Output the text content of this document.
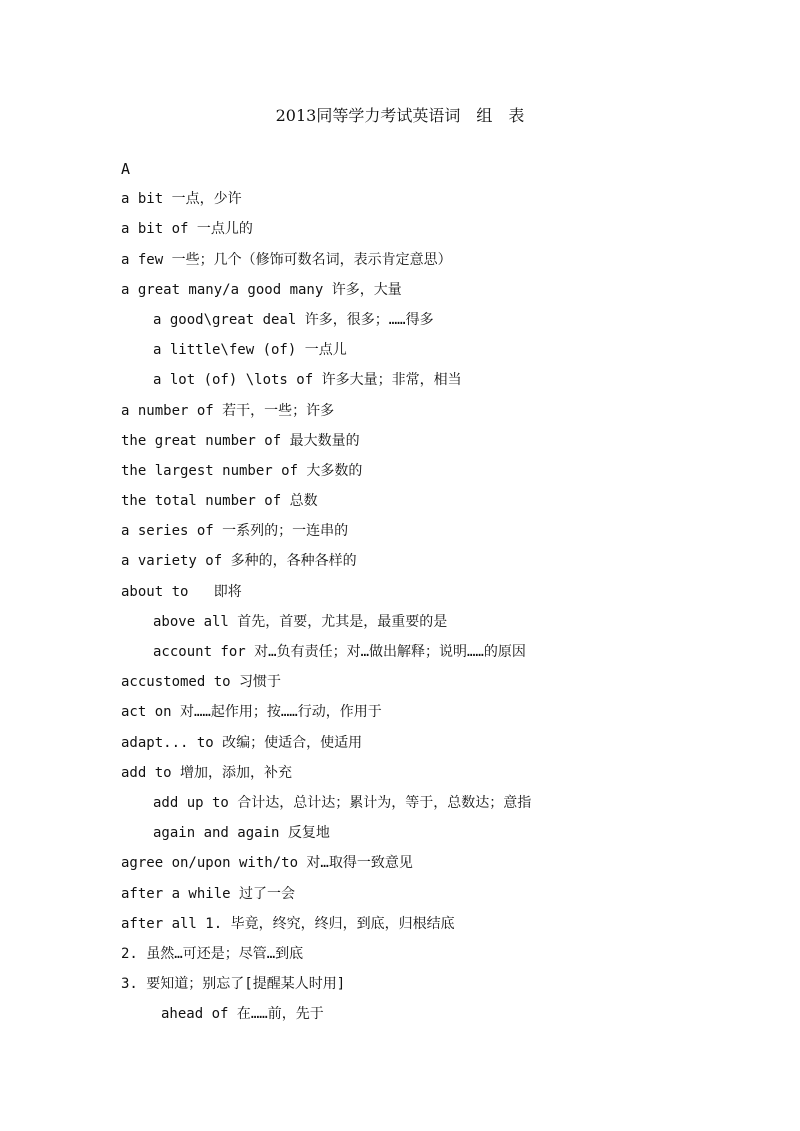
2013同等学力考试英语词　组　表
A
a bit 一点，少许
a bit of 一点儿的
a few 一些；几个（修饰可数名词，表示肯定意思）
a great many/a good many 许多，大量
a good\great deal 许多，很多；……得多
a little\few (of) 一点儿
a lot (of) \lots of 许多大量；非常，相当
a number of 若干，一些；许多
the great number of 最大数量的
the largest number of 大多数的
the total number of 总数
a series of 一系列的；一连串的
a variety of 多种的，各种各样的
about to   即将
above all 首先，首要，尤其是，最重要的是
account for 对…负有责任；对…做出解释；说明……的原因
accustomed to 习惯于
act on 对……起作用；按……行动，作用于
adapt... to 改编；使适合，使适用
add to 增加，添加，补充
add up to 合计达，总计达；累计为，等于，总数达；意指
again and again 反复地
agree on/upon with/to 对…取得一致意见
after a while 过了一会
after all 1. 毕竟，终究，终归，到底，归根结底
2. 虽然…可还是；尽管…到底
3. 要知道；别忘了[提醒某人时用]
ahead of 在……前，先于
